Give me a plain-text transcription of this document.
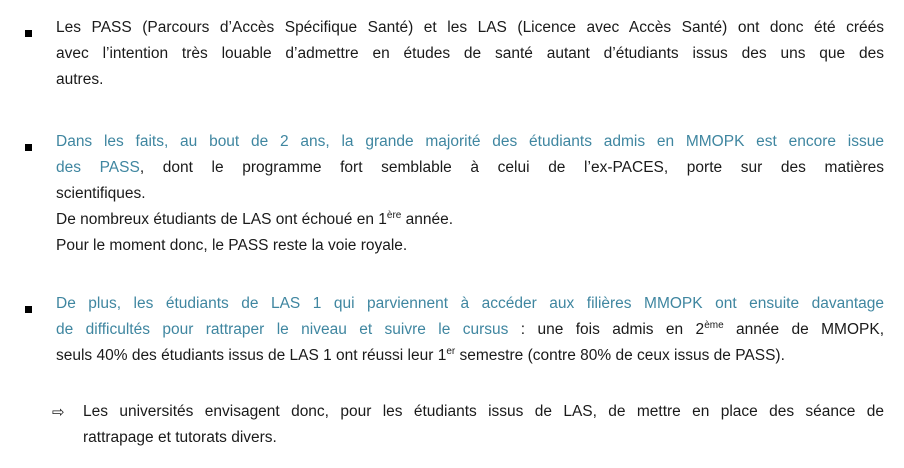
Les PASS (Parcours d’Accès Spécifique Santé) et les LAS (Licence avec Accès Santé) ont donc été créés
avec l’intention très louable d’admettre en études de santé autant d’étudiants issus des uns que des
autres.
Dans les faits, au bout de 2 ans, la grande majorité des étudiants admis en MMOPK est encore issue
des PASS, dont le programme fort semblable à celui de l’ex-PACES, porte sur des matières
scientifiques.
De nombreux étudiants de LAS ont échoué en 1ère année.
Pour le moment donc, le PASS reste la voie royale.
De plus, les étudiants de LAS 1 qui parviennent à accéder aux filières MMOPK ont ensuite davantage
de difficultés pour rattraper le niveau et suivre le cursus : une fois admis en 2ème année de MMOPK,
seuls 40% des étudiants issus de LAS 1 ont réussi leur 1er semestre (contre 80% de ceux issus de PASS).
⇨ Les universités envisagent donc, pour les étudiants issus de LAS, de mettre en place des séance de
rattrapage et tutorats divers.
